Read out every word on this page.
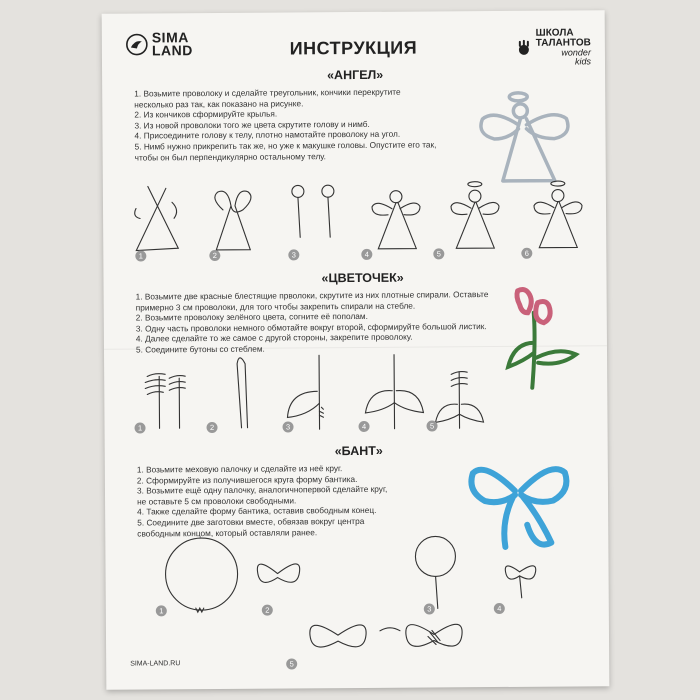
SIMA
LAND
ШКОЛА
ТАЛАНТОВ
wonder
kids
ИНСТРУКЦИЯ
«АНГЕЛ»
1. Возьмите проволоку и сделайте треугольник, кончики перекрутите
несколько раз так, как показано на рисунке.
2. Из кончиков сформируйте крылья.
3. Из новой проволоки того же цвета скрутите голову и нимб.
4. Присоедините голову к телу, плотно намотайте проволоку на угол.
5. Нимб нужно прикрепить так же, но уже к макушке головы. Опустите его так,
чтобы он был перпендикулярно остальному телу.
1	2	3	4	5	6
«ЦВЕТОЧЕК»
1. Возьмите две красные блестящие прволоки, скрутите из них плотные спирали. Оставьте
примерно 3 см проволоки, для того чтобы закрепить спирали на стебле.
2. Возьмите проволоку зелёного цвета, согните её пополам.
3. Одну часть проволоки немного обмотайте вокруг второй, сформируйте большой листик.
4. Далее сделайте то же самое с другой стороны, закрепите проволоку.
5. Соедините бутоны со стеблем.
1	2	3	4	5
«БАНТ»
1. Возьмите меховую палочку и сделайте из неё круг.
2. Сформируйте из получившегося круга форму бантика.
3. Возьмите ещё одну палочку, аналогичнопервой сделайте круг,
не оставьте 5 см проволоки свободными.
4. Также сделайте форму бантика, оставив свободным конец.
5. Соедините две заготовки вместе, обвязав вокруг центра
свободным концом, который оставляли ранее.
1	2	3	4
5
SIMA-LAND.RU
